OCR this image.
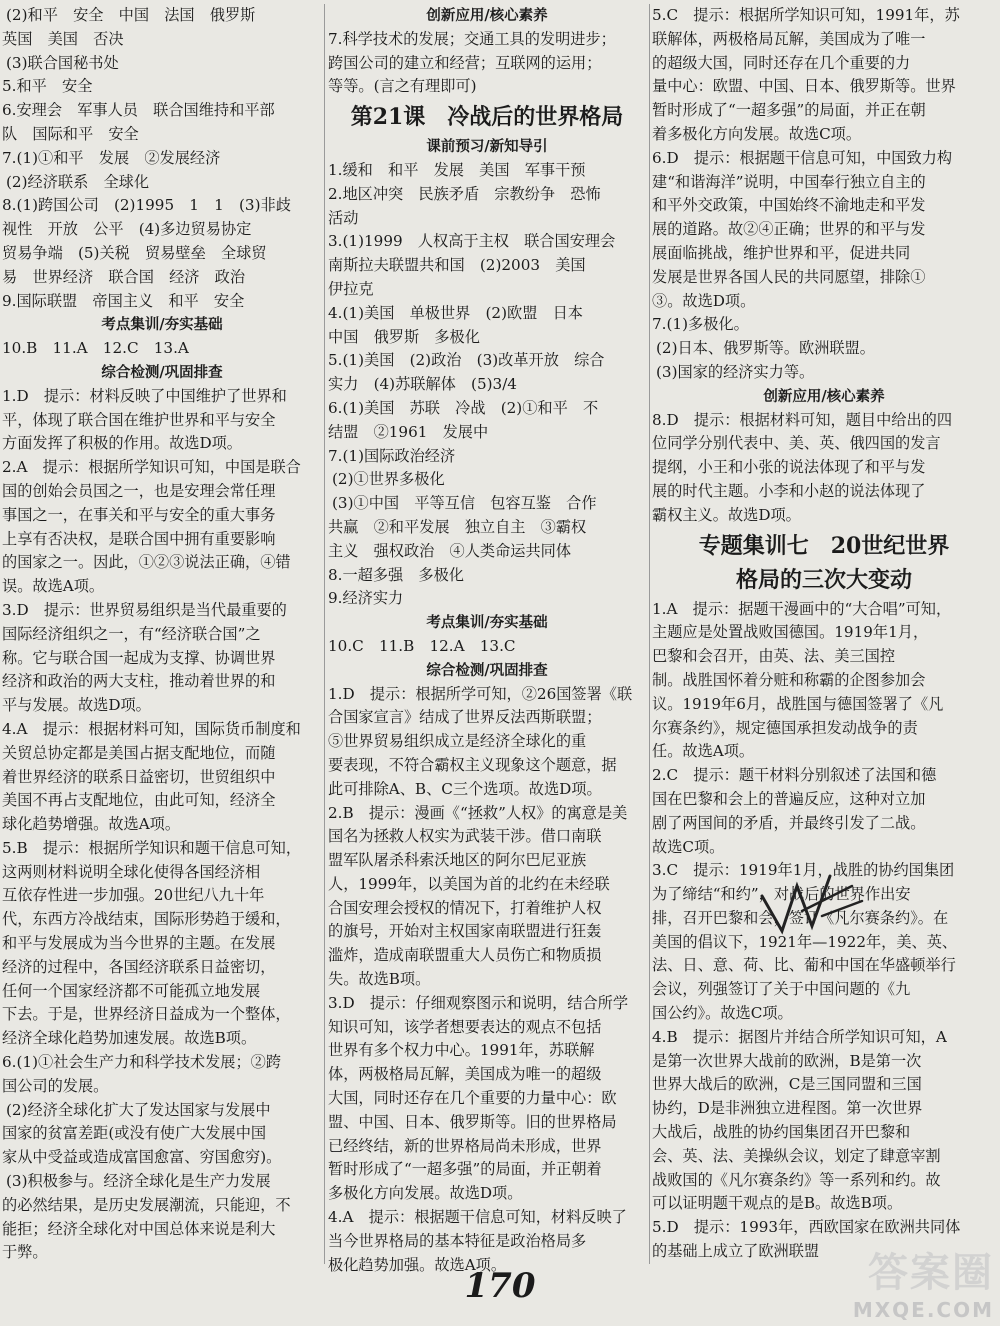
(2)和平　安全　中国　法国　俄罗斯

英国　美国　否决

(3)联合国秘书处

5.和平　安全

6.安理会　军事人员　联合国维持和平部

队　国际和平　安全

7.(1)①和平　发展　②发展经济

(2)经济联系　全球化

8.(1)跨国公司　(2)1995　1　1　(3)非歧

视性　开放　公平　(4)多边贸易协定

贸易争端　(5)关税　贸易壁垒　全球贸

易　世界经济　联合国　经济　政治

9.国际联盟　帝国主义　和平　安全

考点集训/夯实基础

10.B　11.A　12.C　13.A

综合检测/巩固排查

1.D　提示：材料反映了中国维护了世界和

平，体现了联合国在维护世界和平与安全

方面发挥了积极的作用。故选D项。

2.A　提示：根据所学知识可知，中国是联合

国的创始会员国之一，也是安理会常任理

事国之一，在事关和平与安全的重大事务

上享有否决权，是联合国中拥有重要影响

的国家之一。因此，①②③说法正确，④错

误。故选A项。

3.D　提示：世界贸易组织是当代最重要的

国际经济组织之一，有“经济联合国”之

称。它与联合国一起成为支撑、协调世界

经济和政治的两大支柱，推动着世界的和

平与发展。故选D项。

4.A　提示：根据材料可知，国际货币制度和

关贸总协定都是美国占据支配地位，而随

着世界经济的联系日益密切，世贸组织中

美国不再占支配地位，由此可知，经济全

球化趋势增强。故选A项。

5.B　提示：根据所学知识和题干信息可知，

这两则材料说明全球化使得各国经济相

互依存性进一步加强。20世纪八九十年

代，东西方冷战结束，国际形势趋于缓和，

和平与发展成为当今世界的主题。在发展

经济的过程中，各国经济联系日益密切，

任何一个国家经济都不可能孤立地发展

下去。于是，世界经济日益成为一个整体，

经济全球化趋势加速发展。故选B项。

6.(1)①社会生产力和科学技术发展；②跨

国公司的发展。

(2)经济全球化扩大了发达国家与发展中

国家的贫富差距(或没有使广大发展中国

家从中受益或造成富国愈富、穷国愈穷)。

(3)积极参与。经济全球化是生产力发展

的必然结果，是历史发展潮流，只能迎，不

能拒；经济全球化对中国总体来说是利大

于弊。

创新应用/核心素养

7.科学技术的发展；交通工具的发明进步；

跨国公司的建立和经营；互联网的运用；

等等。(言之有理即可)

第21课　冷战后的世界格局

课前预习/新知导引

1.缓和　和平　发展　美国　军事干预

2.地区冲突　民族矛盾　宗教纷争　恐怖

活动

3.(1)1999　人权高于主权　联合国安理会

南斯拉夫联盟共和国　(2)2003　美国

伊拉克

4.(1)美国　单极世界　(2)欧盟　日本

中国　俄罗斯　多极化

5.(1)美国　(2)政治　(3)改革开放　综合

实力　(4)苏联解体　(5)3/4

6.(1)美国　苏联　冷战　(2)①和平　不

结盟　②1961　发展中

7.(1)国际政治经济

(2)①世界多极化

(3)①中国　平等互信　包容互鉴　合作

共赢　②和平发展　独立自主　③霸权

主义　强权政治　④人类命运共同体

8.一超多强　多极化

9.经济实力

考点集训/夯实基础

10.C　11.B　12.A　13.C

综合检测/巩固排查

1.D　提示：根据所学可知，②26国签署《联

合国家宣言》结成了世界反法西斯联盟；

⑤世界贸易组织成立是经济全球化的重

要表现，不符合霸权主义现象这个题意，据

此可排除A、B、C三个选项。故选D项。

2.B　提示：漫画《“拯救”人权》的寓意是美

国名为拯救人权实为武装干涉。借口南联

盟军队屠杀科索沃地区的阿尔巴尼亚族

人，1999年，以美国为首的北约在未经联

合国安理会授权的情况下，打着维护人权

的旗号，开始对主权国家南联盟进行狂轰

滥炸，造成南联盟重大人员伤亡和物质损

失。故选B项。

3.D　提示：仔细观察图示和说明，结合所学

知识可知，该学者想要表达的观点不包括

世界有多个权力中心。1991年，苏联解

体，两极格局瓦解，美国成为唯一的超级

大国，同时还存在几个重要的力量中心：欧

盟、中国、日本、俄罗斯等。旧的世界格局

已经终结，新的世界格局尚未形成，世界

暂时形成了“一超多强”的局面，并正朝着

多极化方向发展。故选D项。

4.A　提示：根据题干信息可知，材料反映了

当今世界格局的基本特征是政治格局多

极化趋势加强。故选A项。

5.C　提示：根据所学知识可知，1991年，苏

联解体，两极格局瓦解，美国成为了唯一

的超级大国，同时还存在几个重要的力

量中心：欧盟、中国、日本、俄罗斯等。世界

暂时形成了“一超多强”的局面，并正在朝

着多极化方向发展。故选C项。

6.D　提示：根据题干信息可知，中国致力构

建“和谐海洋”说明，中国奉行独立自主的

和平外交政策，中国始终不渝地走和平发

展的道路。故②④正确；世界的和平与发

展面临挑战，维护世界和平，促进共同

发展是世界各国人民的共同愿望，排除①

③。故选D项。

7.(1)多极化。

(2)日本、俄罗斯等。欧洲联盟。

(3)国家的经济实力等。

创新应用/核心素养

8.D　提示：根据材料可知，题目中给出的四

位同学分别代表中、美、英、俄四国的发言

提纲，小王和小张的说法体现了和平与发

展的时代主题。小李和小赵的说法体现了

霸权主义。故选D项。

专题集训七　20世纪世界

格局的三次大变动

1.A　提示：据题干漫画中的“大合唱”可知，

主题应是处置战败国德国。1919年1月，

巴黎和会召开，由英、法、美三国控

制。战胜国怀着分赃和称霸的企图参加会

议。1919年6月，战胜国与德国签署了《凡

尔赛条约》，规定德国承担发动战争的责

任。故选A项。

2.C　提示：题干材料分别叙述了法国和德

国在巴黎和会上的普遍反应，这种对立加

剧了两国间的矛盾，并最终引发了二战。

故选C项。

3.C　提示：1919年1月，战胜的协约国集团

为了缔结“和约”，对战后的世界作出安

排，召开巴黎和会，签订《凡尔赛条约》。在

美国的倡议下，1921年—1922年，美、英、

法、日、意、荷、比、葡和中国在华盛顿举行

会议，列强签订了关于中国问题的《九

国公约》。故选C项。

4.B　提示：据图片并结合所学知识可知，A

是第一次世界大战前的欧洲，B是第一次

世界大战后的欧洲，C是三国同盟和三国

协约，D是非洲独立进程图。第一次世界

大战后，战胜的协约国集团召开巴黎和

会、英、法、美操纵会议，划定了肆意宰割

战败国的《凡尔赛条约》等一系列和约。故

可以证明题干观点的是B。故选B项。

5.D　提示：1993年，西欧国家在欧洲共同体

的基础上成立了欧洲联盟

170	答案圈
MXQE.COM
